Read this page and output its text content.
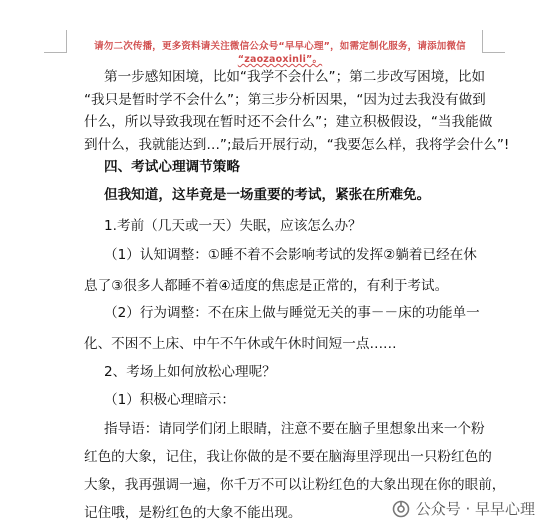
请勿二次传播，更多资料请关注微信公众号“早早心理”，如需定制化服务，请添加微信
“zaozaoxinli”。
第一步感知困境，比如“我学不会什么”；第二步改写困境，比如
“我只是暂时学不会什么”；第三步分析因果，“因为过去我没有做到
什么，所以导致我现在暂时还不会什么”；建立积极假设，“当我能做
到什么，我就能达到…”;最后开展行动，“我要怎么样，我将学会什么”!
四、考试心理调节策略
但我知道，这毕竟是一场重要的考试，紧张在所难免。
1.考前（几天或一天）失眠，应该怎么办？
（1）认知调整：①睡不着不会影响考试的发挥②躺着已经在休
息了③很多人都睡不着④适度的焦虑是正常的，有利于考试。
（2）行为调整：不在床上做与睡觉无关的事－－床的功能单一
化、不困不上床、中午不午休或午休时间短一点……
2、考场上如何放松心理呢？
（1）积极心理暗示：
指导语：请同学们闭上眼睛，注意不要在脑子里想象出来一个粉
红色的大象，记住，我让你做的是不要在脑海里浮现出一只粉红色的
大象，我再强调一遍，你千万不可以让粉红色的大象出现在你的眼前，
记住哦，是粉红色的大象不能出现。	公众号 · 早早心理
